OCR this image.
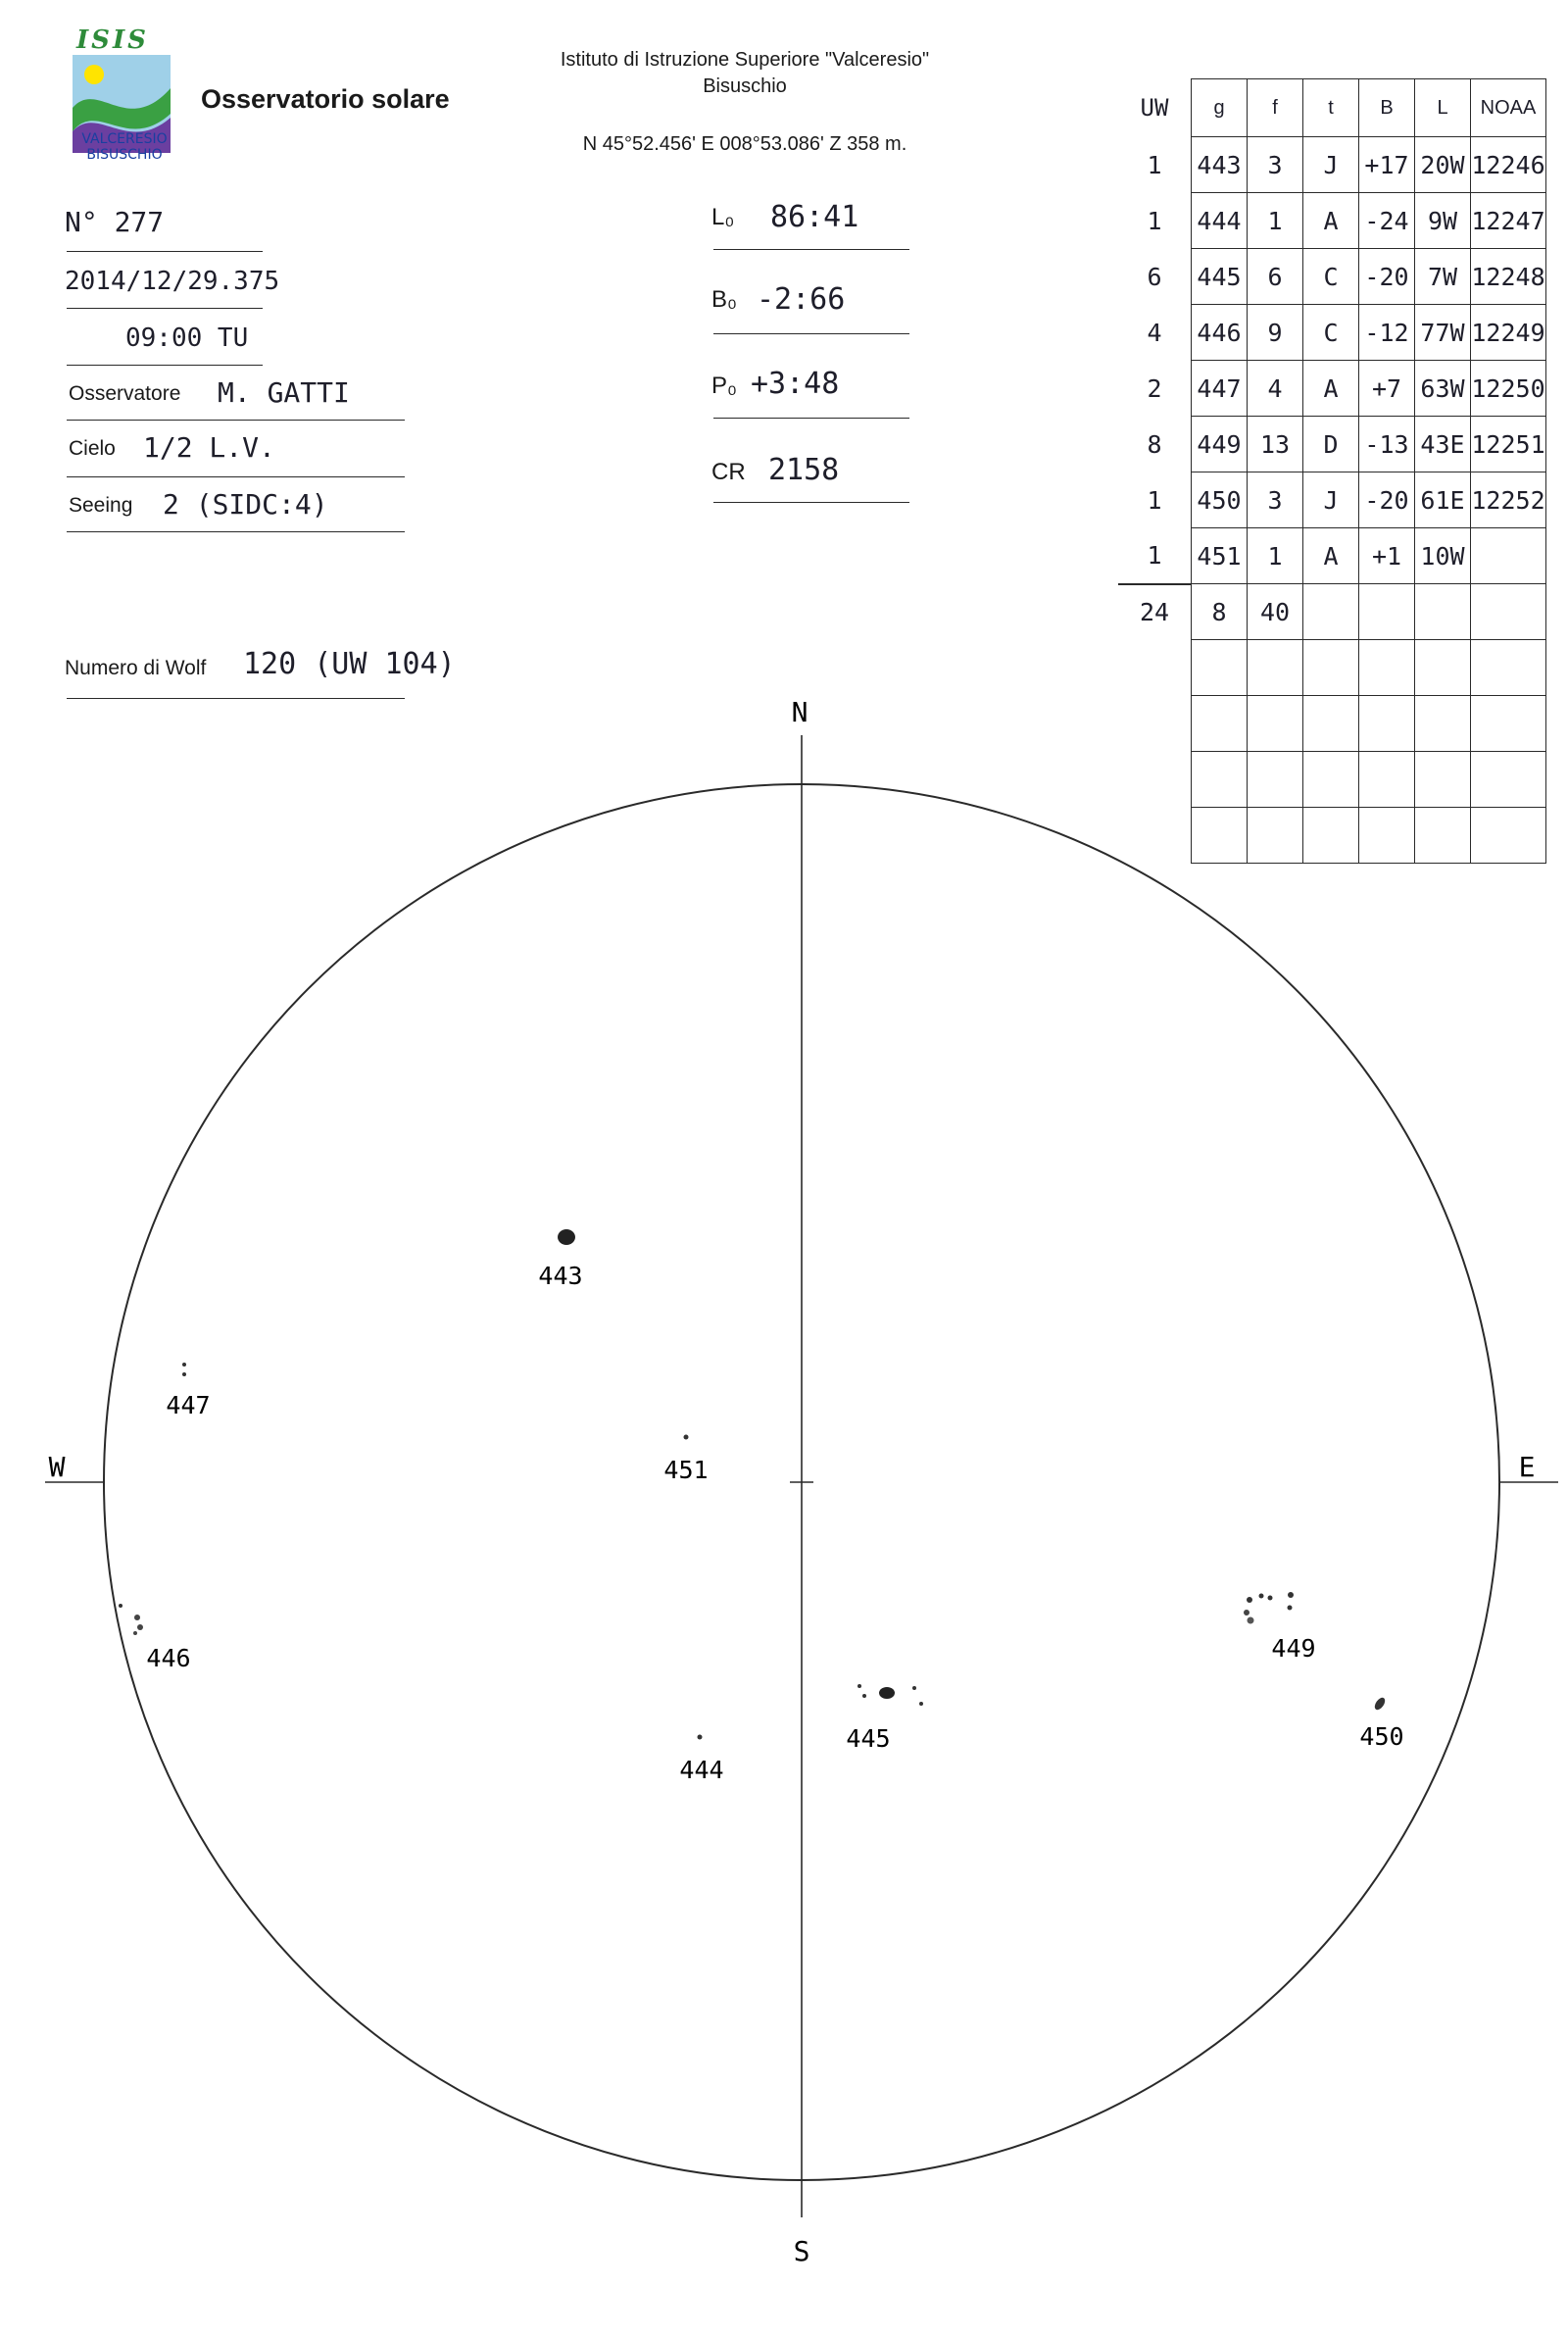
ISIS
VALCERESIO
BISUSCHIO
Osservatorio solare
Istituto di Istruzione Superiore "Valceresio"
Bisuschio
N 45°52.456' E 008°53.086' Z 358 m.
N° 277
2014/12/29.375
09:00 TU
Osservatore M. GATTI
Cielo 1/2 L.V.
Seeing 2 (SIDC:4)
Numero di Wolf 120 (UW 104)
L₀ 86:41
B₀ -2:66
P₀ +3:48
CR 2158
UW	g	f	t	B	L	NOAA
1	443	3	J	+17	20W	12246
1	444	1	A	-24	9W	12247
6	445	6	C	-20	7W	12248
4	446	9	C	-12	77W	12249
2	447	4	A	+7	63W	12250
8	449	13	D	-13	43E	12251
1	450	3	J	-20	61E	12252
1	451	1	A	+1	10W	
24	8	40				

N
S
W	E
443
444
445
446
447
449
450
451
